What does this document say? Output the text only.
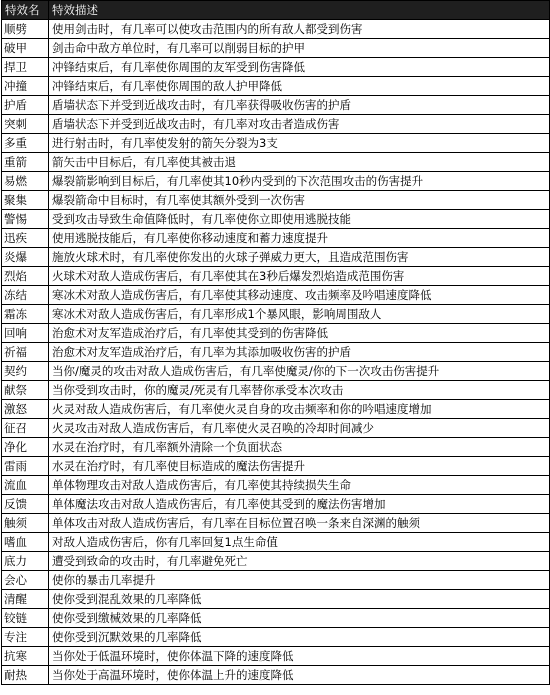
特效名	特效描述
顺劈	使用剑击时，有几率可以使攻击范围内的所有敌人都受到伤害
破甲	剑击命中敌方单位时，有几率可以削弱目标的护甲
捍卫	冲锋结束后，有几率使你周围的友军受到伤害降低
冲撞	冲锋结束后，有几率使你周围的敌人护甲降低
护盾	盾墙状态下并受到近战攻击时，有几率获得吸收伤害的护盾
突刺	盾墙状态下并受到近战攻击时，有几率对攻击者造成伤害
多重	进行射击时，有几率使发射的箭矢分裂为3支
重箭	箭矢击中目标后，有几率使其被击退
易燃	爆裂箭影响到目标后，有几率使其10秒内受到的下次范围攻击的伤害提升
聚集	爆裂箭命中目标时，有几率使其额外受到一次伤害
警惕	受到攻击导致生命值降低时，有几率使你立即使用逃脱技能
迅疾	使用逃脱技能后，有几率使你移动速度和蓄力速度提升
炎爆	施放火球术时，有几率使你发出的火球子弹威力更大，且造成范围伤害
烈焰	火球术对敌人造成伤害后，有几率使其在3秒后爆发烈焰造成范围伤害
冻结	寒冰术对敌人造成伤害后，有几率使其移动速度、攻击频率及吟唱速度降低
霜冻	寒冰术对敌人造成伤害后，有几率形成1个暴风眼，影响周围敌人
回响	治愈术对友军造成治疗后，有几率使其受到的伤害降低
祈福	治愈术对友军造成治疗后，有几率为其添加吸收伤害的护盾
契约	当你/魔灵的攻击对敌人造成伤害后，有几率使魔灵/你的下一次攻击伤害提升
献祭	当你受到攻击时，你的魔灵/死灵有几率替你承受本次攻击
激怒	火灵对敌人造成伤害后，有几率使火灵自身的攻击频率和你的吟唱速度增加
征召	火灵攻击对敌人造成伤害后，有几率使火灵召唤的冷却时间减少
净化	水灵在治疗时，有几率额外清除一个负面状态
雷雨	水灵在治疗时，有几率使目标造成的魔法伤害提升
流血	单体物理攻击对敌人造成伤害后，有几率使其持续损失生命
反馈	单体魔法攻击对敌人造成伤害后，有几率使其受到的魔法伤害增加
触须	单体攻击对敌人造成伤害后，有几率在目标位置召唤一条来自深渊的触须
嗜血	对敌人造成伤害后，你有几率回复1点生命值
底力	遭受到致命的攻击时，有几率避免死亡
会心	使你的暴击几率提升
清醒	使你受到混乱效果的几率降低
铰链	使你受到缴械效果的几率降低
专注	使你受到沉默效果的几率降低
抗寒	当你处于低温环境时，使你体温下降的速度降低
耐热	当你处于高温环境时，使你体温上升的速度降低
